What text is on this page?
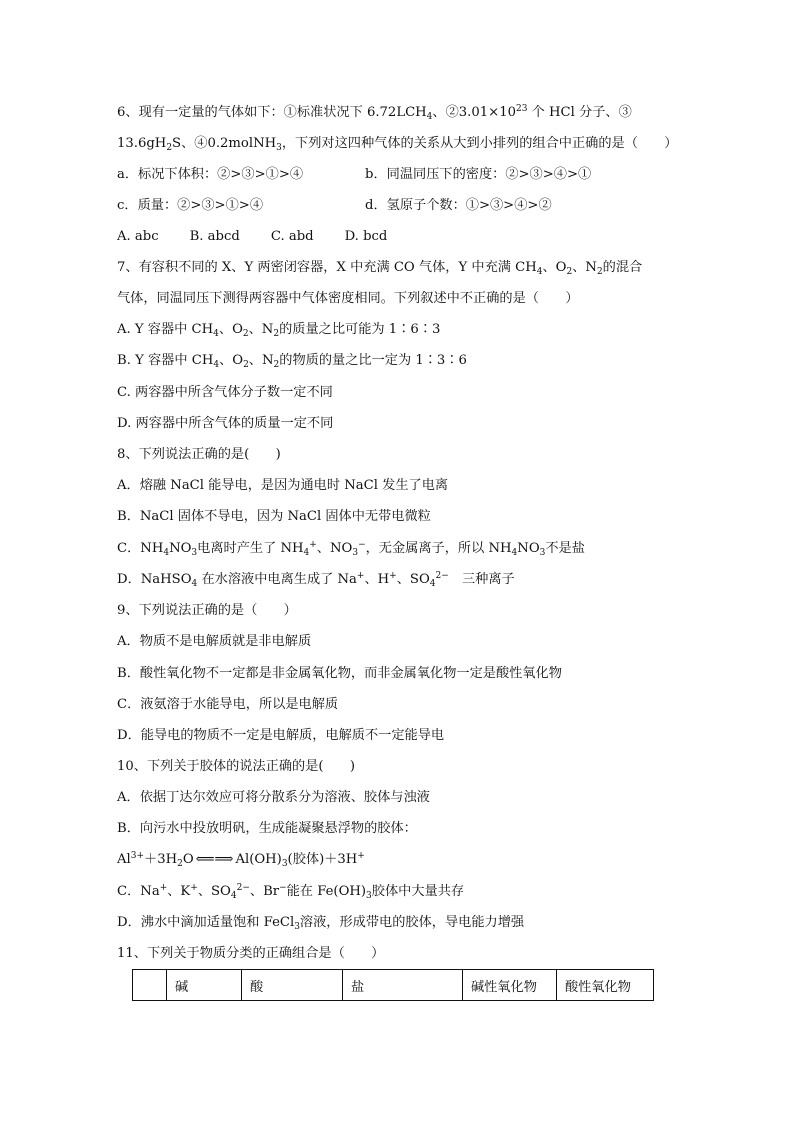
6、现有一定量的气体如下：①标准状况下 $6.72LCH_4$、$②3.01\times 10^{23}$ 个 HCl 分子、③
$13.6gH_2S$、④0.2molNH$_3$，下列对这四种气体的关系从大到小排列的组合中正确的是（　　）
a．标况下体积：②>③>①>④	b．同温同压下的密度：②>③>④>①
c．质量：②>③>①>④	d．氢原子个数：①>③>④>②
A. abc B. abcd C. abd D. bcd
7、有容积不同的 X、Y 两密闭容器，X 中充满 CO 气体，Y 中充满 $CH_4$、$O_2$、$N_2$的混合
气体，同温同压下测得两容器中气体密度相同。下列叙述中不正确的是（　　）
A. Y 容器中 $CH_4$、$O_2$、$N_2$的质量之比可能为 1∶6∶3
B. Y 容器中 $CH_4$、$O_2$、$N_2$的物质的量之比一定为 1∶3∶6
C. 两容器中所含气体分子数一定不同
D. 两容器中所含气体的质量一定不同
8、下列说法正确的是(　　)
A．熔融 NaCl 能导电，是因为通电时 NaCl 发生了电离
B．NaCl 固体不导电，因为 NaCl 固体中无带电微粒
C．$NH_4NO_3$电离时产生了 $NH_4^+$、$NO_3^-$，无金属离子，所以 $NH_4NO_3$不是盐
D．NaHSO$_4$ 在水溶液中电离生成了 Na+、H+、$SO_4^{2-}$　三种离子
9、下列说法正确的是（　　）
A．物质不是电解质就是非电解质
B．酸性氧化物不一定都是非金属氧化物，而非金属氧化物一定是酸性氧化物
C．液氨溶于水能导电，所以是电解质
D．能导电的物质不一定是电解质，电解质不一定能导电
10、下列关于胶体的说法正确的是(　　)
A．依据丁达尔效应可将分散系分为溶液、胶体与浊液
B．向污水中投放明矾，生成能凝聚悬浮物的胶体：
$Al^{3+}+3H_2O$ ⟸⟹ $Al(OH)_3$(胶体)＋3H+
C．Na+、K+、$SO_4^{2-}$、Br−能在 $Fe(OH)_3$胶体中大量共存
D．沸水中滴加适量饱和 FeCl$_3$溶液，形成带电的胶体，导电能力增强
11、下列关于物质分类的正确组合是（　　）
	碱	酸	盐	碱性氧化物	酸性氧化物
